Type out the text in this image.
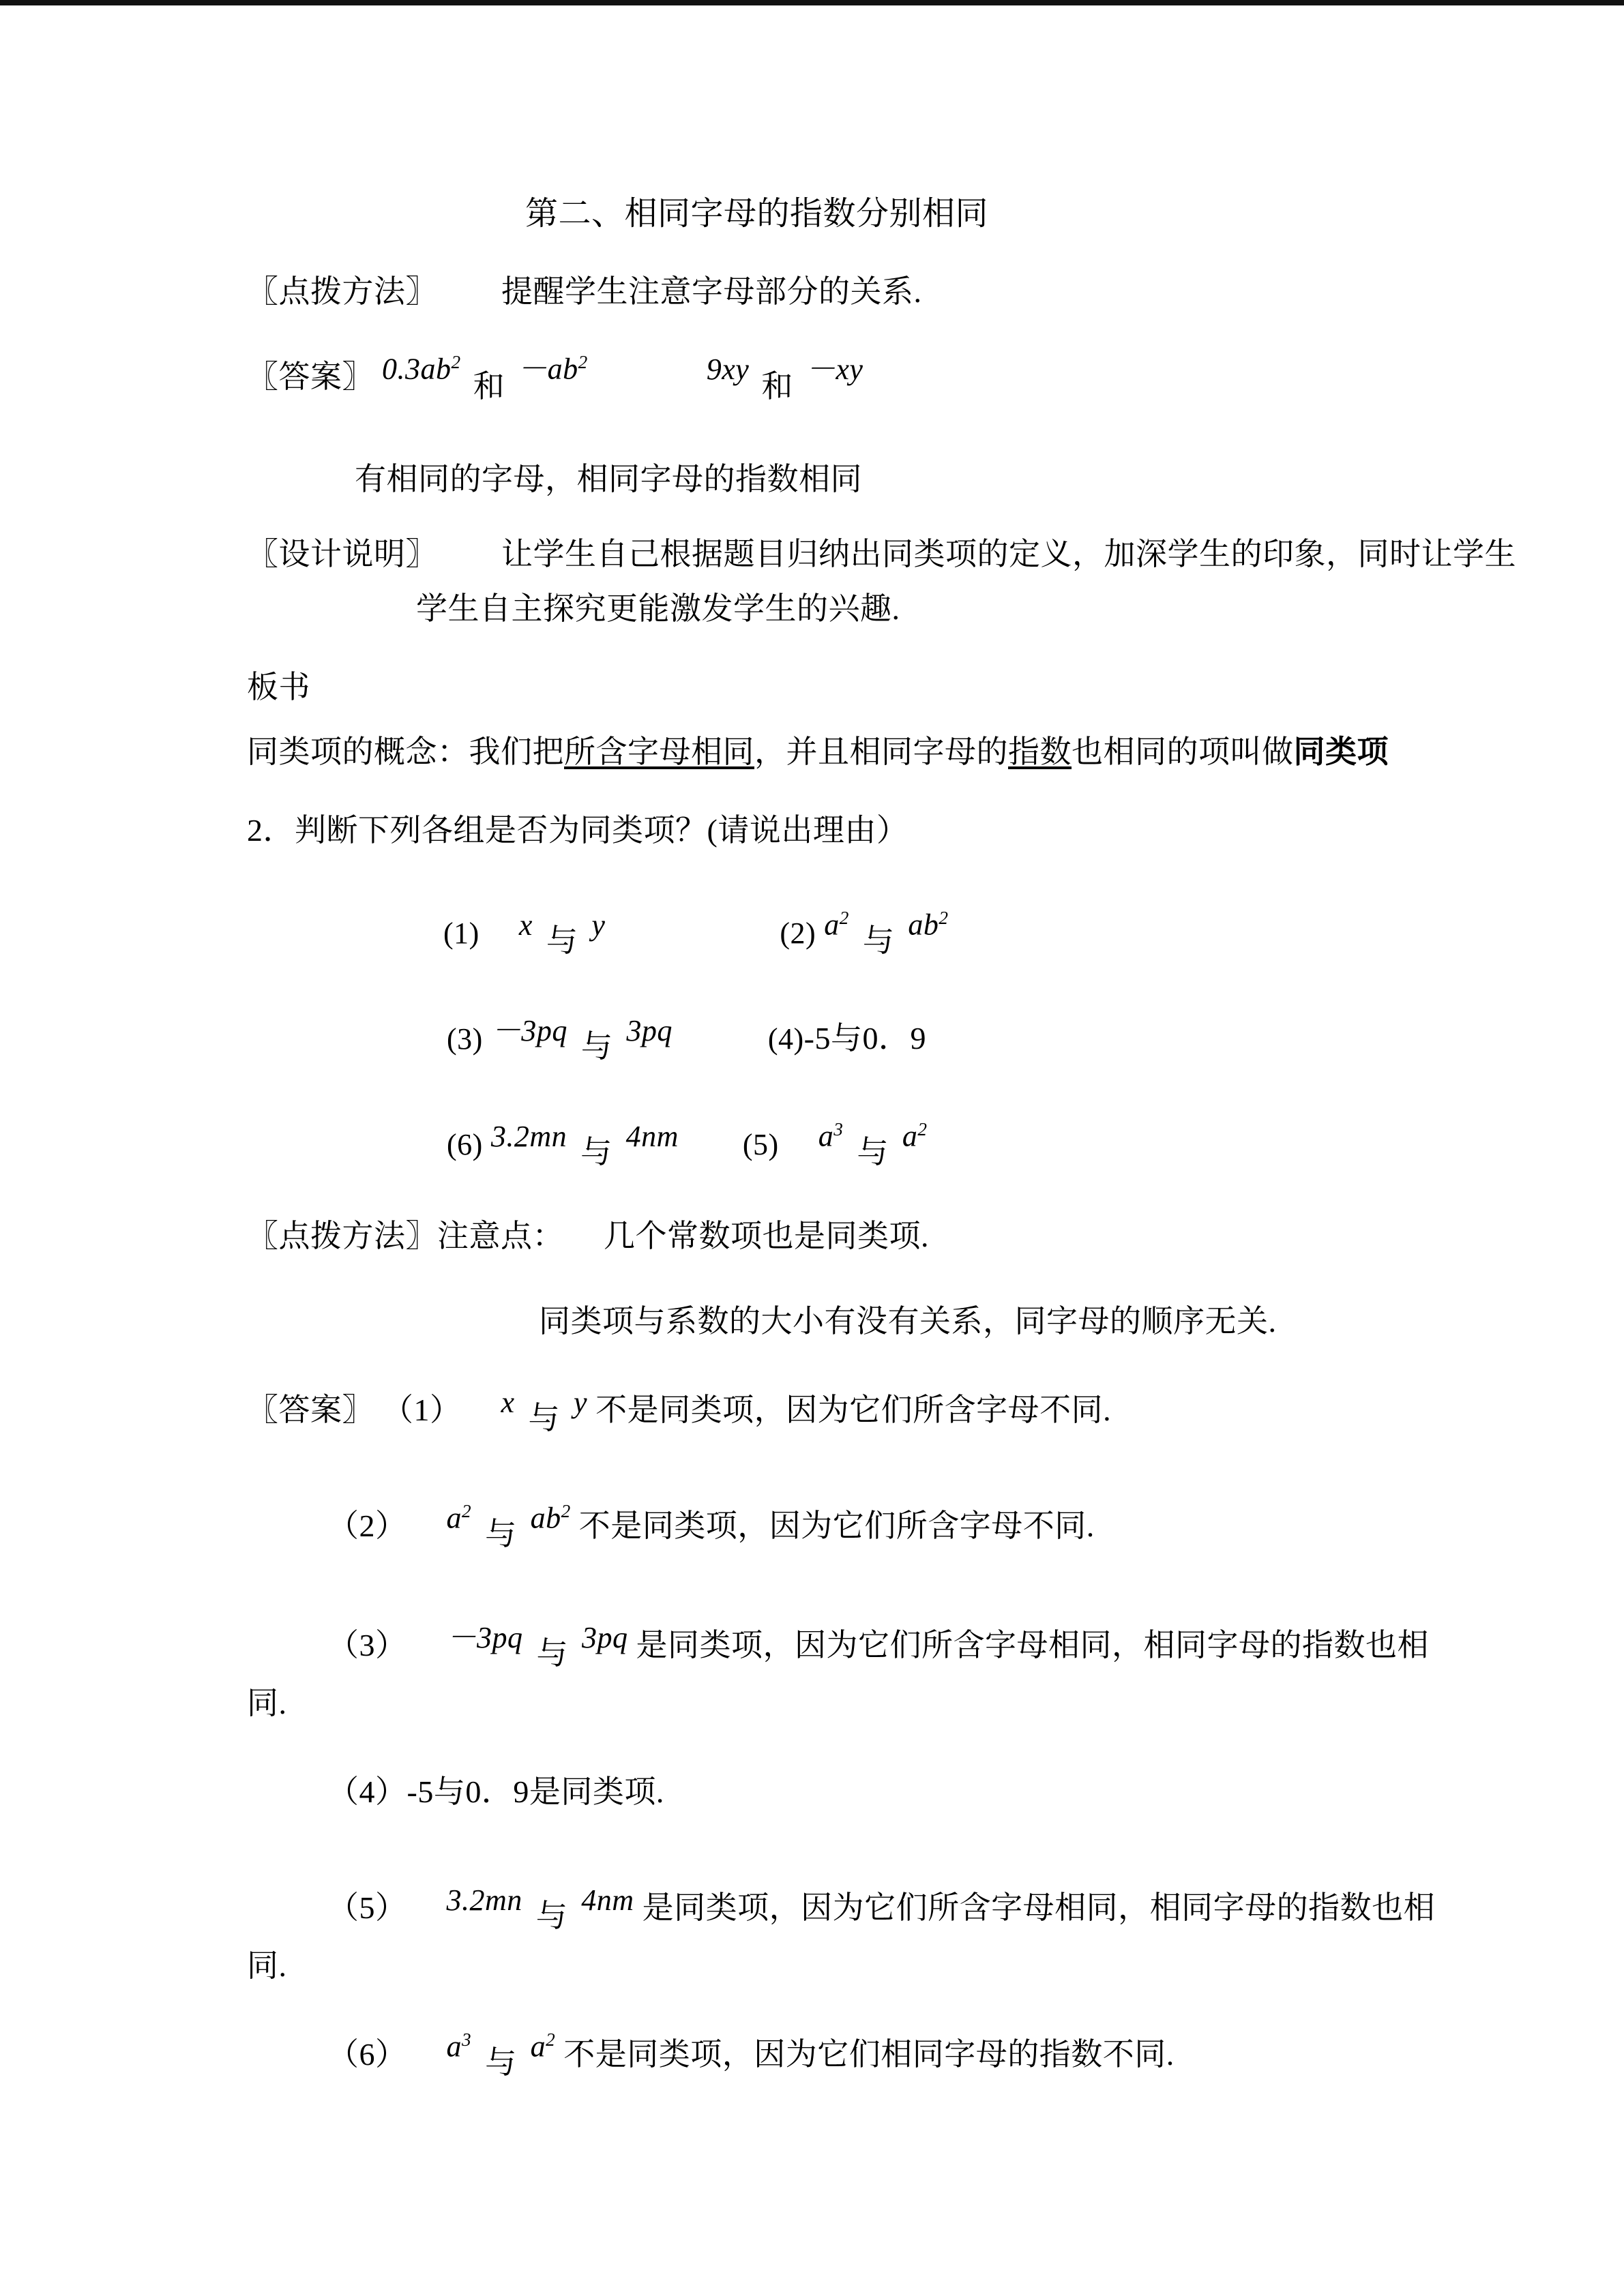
第二、相同字母的指数分别相同
〖点拨方法〗 提醒学生注意字母部分的关系.
〖答案〗 $0.3ab^2$ 和 $-ab^2$	9xy 和 －xy
有相同的字母，相同字母的指数相同
〖设计说明〗 让学生自己根据题目归纳出同类项的定义，加深学生的印象，同时让学生
学生自主探究更能激发学生的兴趣.
板书
同类项的概念：我们把所含字母相同，并且相同字母的指数也相同的项叫做同类项
2．判断下列各组是否为同类项？(请说出理由）
(1) x 与 y	(2) $a^2$ 与 $ab^2$
(3) －3pq 与 3pq	(4)-5与0．9
(6) 3.2mn 与 4nm (5) $a^3$ 与 $a^2$
〖点拨方法〗注意点： 几个常数项也是同类项.
同类项与系数的大小有没有关系，同字母的顺序无关.
〖答案〗 （1） x 与 y 不是同类项，因为它们所含字母不同.
（2） $a^2$ 与 $ab^2$ 不是同类项，因为它们所含字母不同.
（3） －3pq 与 3pq 是同类项，因为它们所含字母相同，相同字母的指数也相
同.
（4）-5与0．9是同类项.
（5） 3.2mn 与 4nm 是同类项，因为它们所含字母相同，相同字母的指数也相
同.
（6） $a^3$ 与 $a^2$ 不是同类项，因为它们相同字母的指数不同.
